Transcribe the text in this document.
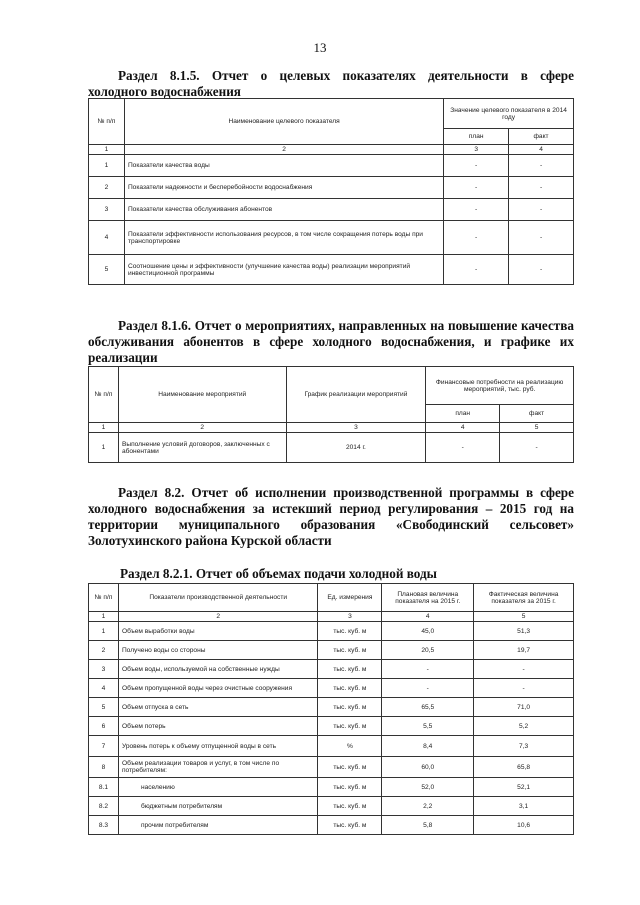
13
Раздел 8.1.5. Отчет о целевых показателях деятельности в сфере
холодного водоснабжения
№ п/п	Наименование целевого показателя	Значение целевого показателя в 2014 году	
		план	факт
1	2	3	4
1	Показатели качества воды	-	-
2	Показатели надежности и бесперебойности водоснабжения	-	-
3	Показатели качества обслуживания абонентов	-	-
4	Показатели эффективности использования ресурсов, в том числе сокращения потерь воды при транспортировке	-	-
5	Соотношение цены и эффективности (улучшение качества воды) реализации мероприятий инвестиционной программы	-	-
Раздел 8.1.6. Отчет о мероприятиях, направленных на повышение качества обслуживания абонентов в сфере холодного водоснабжения, и графике их реализации
№ п/п	Наименование мероприятий	График реализации мероприятий	Финансовые потребности на реализацию мероприятий, тыс. руб.	
			план	факт
1	2	3	4	5
1	Выполнение условий договоров, заключенных с абонентами	2014 г.	-	-
Раздел 8.2. Отчет об исполнении производственной программы в сфере холодного водоснабжения за истекший период регулирования – 2015 год на территории муниципального образования «Свободинский сельсовет» Золотухинского района Курской области
Раздел 8.2.1. Отчет об объемах подачи холодной воды
№ п/п	Показатели производственной деятельности	Ед. измерения	Плановая величина показателя на 2015 г.	Фактическая величина показателя за 2015 г.
1	2	3	4	5
1	Объем выработки воды	тыс. куб. м	45,0	51,3
2	Получено воды со стороны	тыс. куб. м	20,5	19,7
3	Объем воды, используемой на собственные нужды	тыс. куб. м	-	-
4	Объем пропущенной воды через очистные сооружения	тыс. куб. м	-	-
5	Объем отпуска в сеть	тыс. куб. м	65,5	71,0
6	Объем потерь	тыс. куб. м	5,5	5,2
7	Уровень потерь к объему отпущенной воды в сеть	%	8,4	7,3
8	Объем реализации товаров и услуг, в том числе по потребителям:	тыс. куб. м	60,0	65,8
8.1	населению	тыс. куб. м	52,0	52,1
8.2	бюджетным потребителям	тыс. куб. м	2,2	3,1
8.3	прочим потребителям	тыс. куб. м	5,8	10,6
